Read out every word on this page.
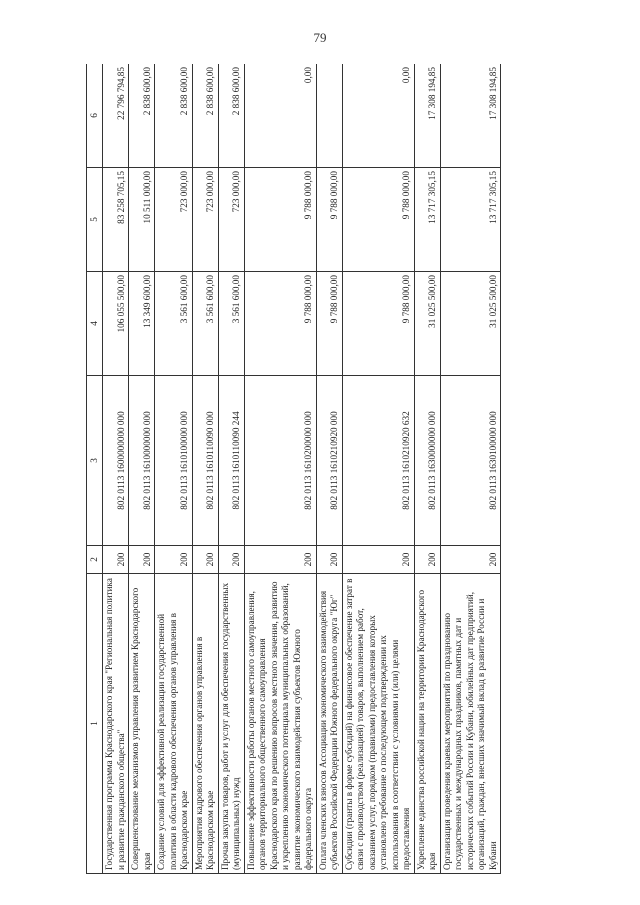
79
1	2	3	4	5	6
Государственная программа Краснодарского края "Региональная политика и развитие гражданского общества"	200	802 0113 1600000000 000	106 055 500,00	83 258 705,15	22 796 794,85
Совершенствование механизмов управления развитием Краснодарского края	200	802 0113 1610000000 000	13 349 600,00	10 511 000,00	2 838 600,00
Создание условий для эффективной реализации государственной политики в области кадрового обеспечения органов управления в Краснодарском крае	200	802 0113 1610100000 000	3 561 600,00	723 000,00	2 838 600,00
Мероприятия кадрового обеспечения органов управления в Краснодарском крае	200	802 0113 1610110090 000	3 561 600,00	723 000,00	2 838 600,00
Прочая закупка товаров, работ и услуг для обеспечения государственных (муниципальных) нужд	200	802 0113 1610110090 244	3 561 600,00	723 000,00	2 838 600,00
Повышение эффективности работы органов местного самоуправления, органов территориального общественного самоуправления Краснодарского края по решению вопросов местного значения, развитию и укреплению экономического потенциала муниципальных образований, развитие экономического взаимодействия субъектов Южного федерального округа	200	802 0113 1610200000 000	9 788 000,00	9 788 000,00	0,00
Оплата членских взносов Ассоциации экономического взаимодействия субъектов Российской Федерации Южного федерального округа "Юг"	200	802 0113 1610210920 000	9 788 000,00	9 788 000,00	
Субсидии (гранты в форме субсидий) на финансовое обеспечение затрат в связи с производством (реализацией) товаров, выполнением работ, оказанием услуг, порядком (правилами) предоставления которых установлено требование о последующем подтверждении их использования в соответствии с условиями и (или) целями предоставления	200	802 0113 1610210920 632	9 788 000,00	9 788 000,00	0,00
Укрепление единства российской нации на территории Краснодарского края	200	802 0113 1630000000 000	31 025 500,00	13 717 305,15	17 308 194,85
Организация проведения краевых мероприятий по празднованию государственных и международных праздников, памятных дат и исторических событий России и Кубани, юбилейных дат предприятий, организаций, граждан, внесших значимый вклад в развитие России и Кубани	200	802 0113 1630100000 000	31 025 500,00	13 717 305,15	17 308 194,85
